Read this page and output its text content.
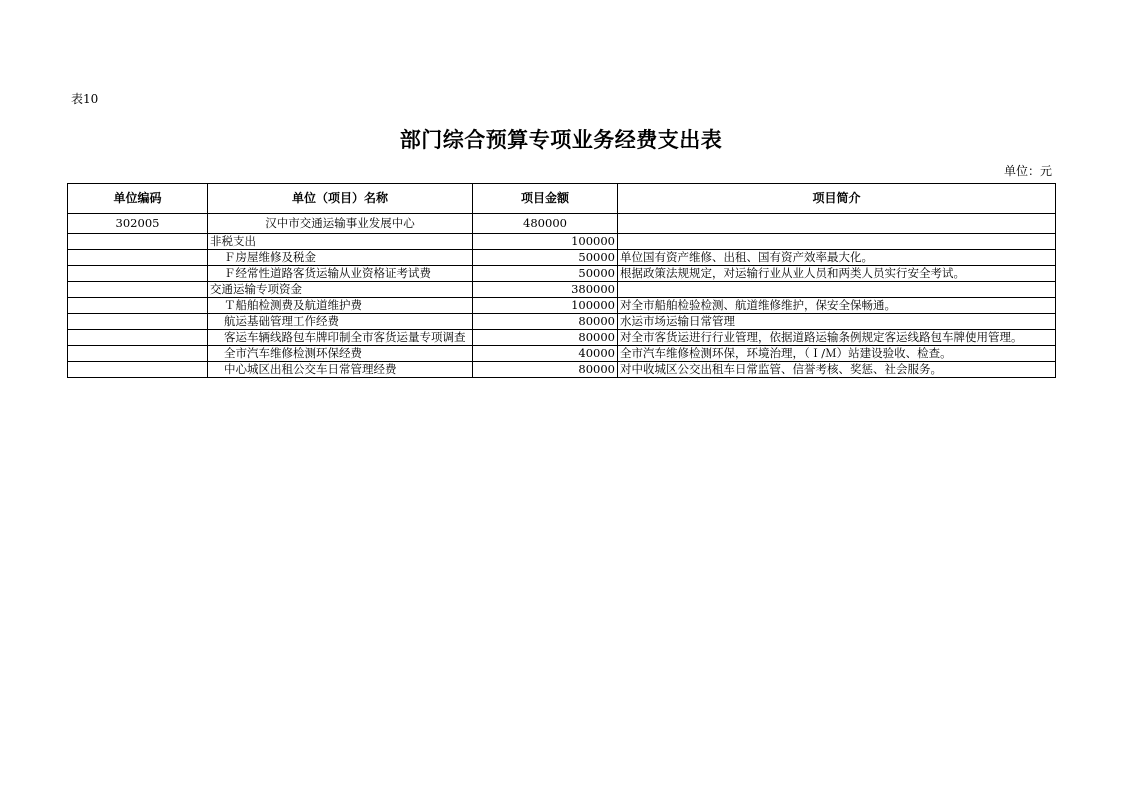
表10
部门综合预算专项业务经费支出表
单位：元
单位编码	单位（项目）名称	项目金额	项目简介
302005	汉中市交通运输事业发展中心	480000	
	非税支出	100000	
	Ｆ房屋维修及税金	50000	单位国有资产维修、出租、国有资产效率最大化。
	Ｆ经常性道路客货运输从业资格证考试费	50000	根据政策法规规定，对运输行业从业人员和两类人员实行安全考试。
	交通运输专项资金	380000	
	Ｔ船舶检测费及航道维护费	100000	对全市船舶检验检测、航道维修维护，保安全保畅通。
	航运基础管理工作经费	80000	水运市场运输日常管理
	客运车辆线路包车牌印制全市客货运量专项调查	80000	对全市客货运进行行业管理，依据道路运输条例规定客运线路包车牌使用管理。
	全市汽车维修检测环保经费	40000	全市汽车维修检测环保，环境治理，（Ｉ/Ｍ）站建设验收、检查。
	中心城区出租公交车日常管理经费	80000	对中收城区公交出租车日常监管、信誉考核、奖惩、社会服务。
